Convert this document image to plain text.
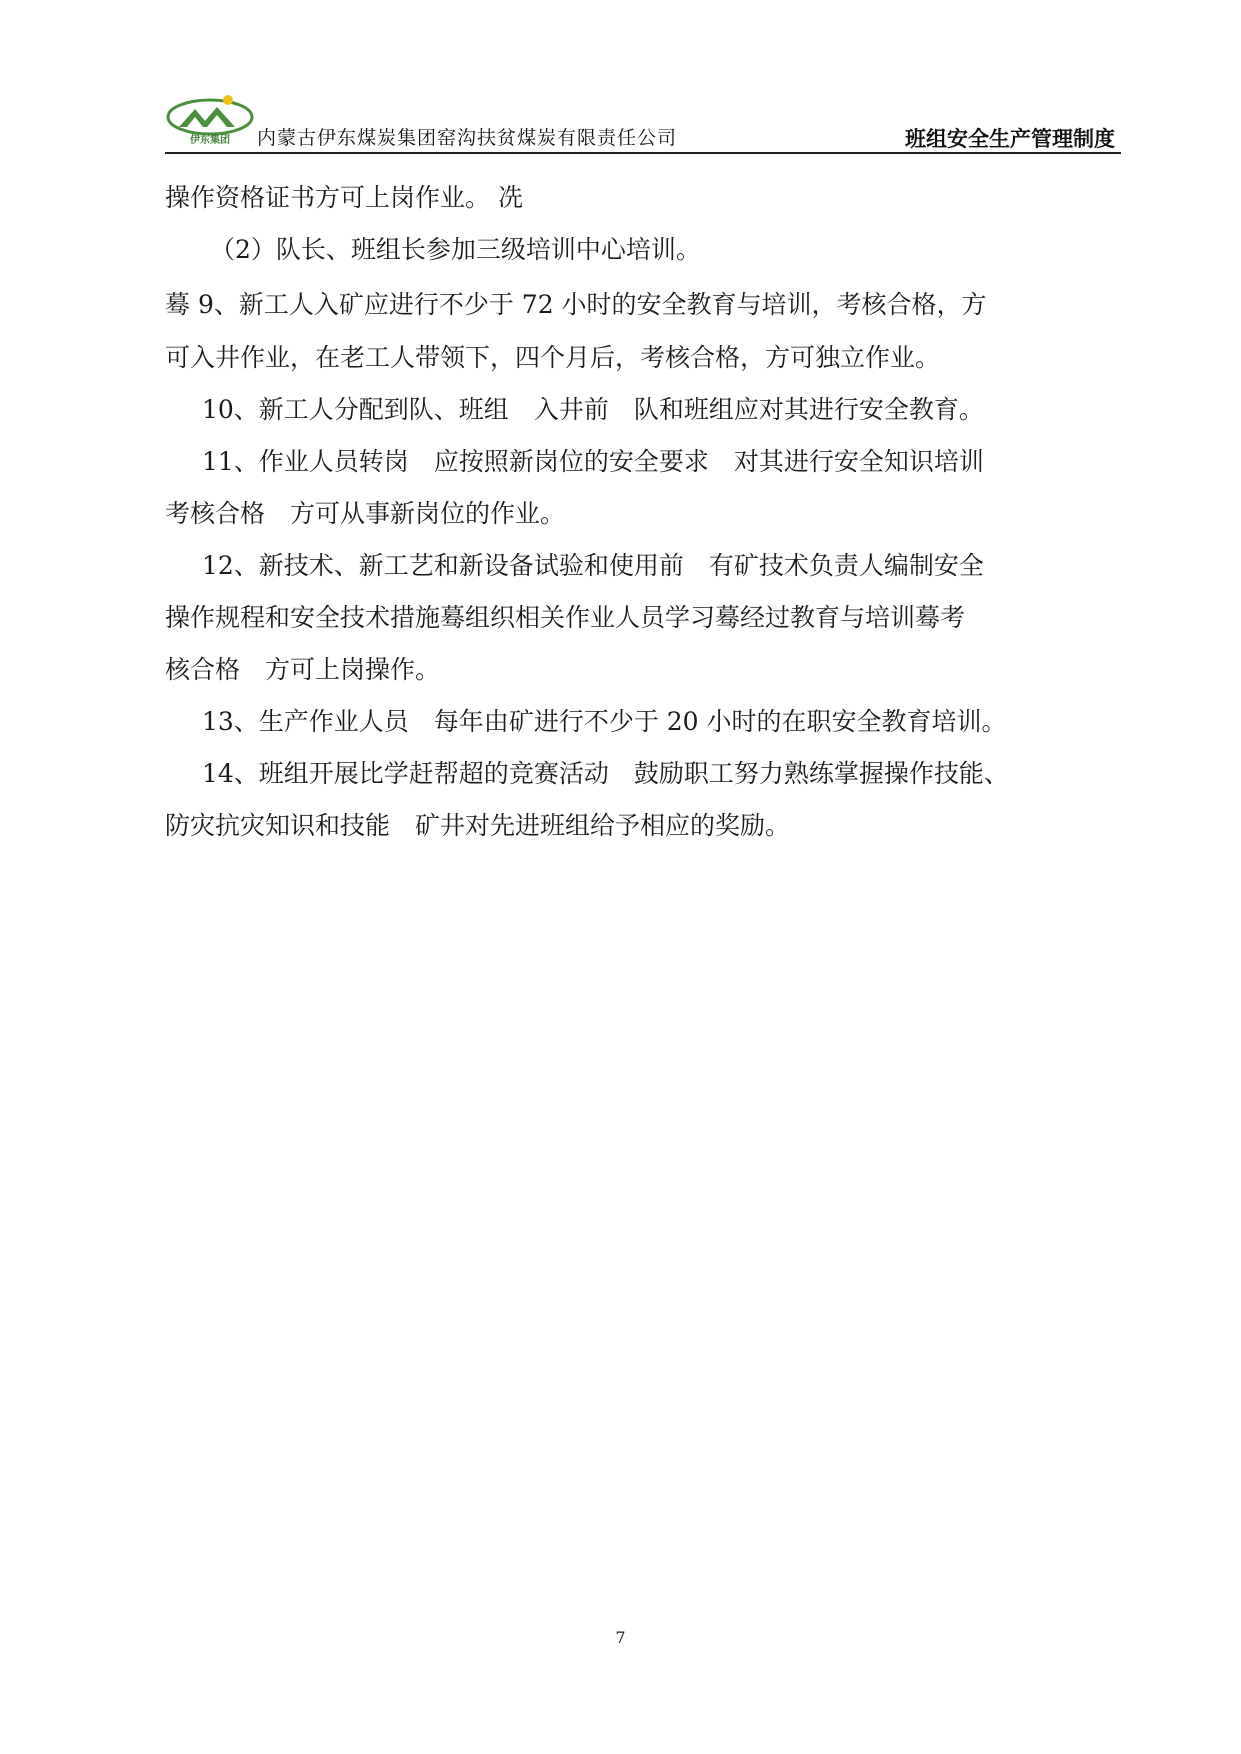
伊东集团 内蒙古伊东煤炭集团窑沟扶贫煤炭有限责任公司	班组安全生产管理制度
操作资格证书方可上岗作业。 冼
（2）队长、班组长参加三级培训中心培训。
蓦 9、新工人入矿应进行不少于 72 小时的安全教育与培训，考核合格，方
可入井作业，在老工人带领下，四个月后，考核合格，方可独立作业。
10、新工人分配到队、班组　入井前　队和班组应对其进行安全教育。
11、作业人员转岗　应按照新岗位的安全要求　对其进行安全知识培训
考核合格　方可从事新岗位的作业。
12、新技术、新工艺和新设备试验和使用前　有矿技术负责人编制安全
操作规程和安全技术措施蓦组织相关作业人员学习蓦经过教育与培训蓦考
核合格　方可上岗操作。
13、生产作业人员　每年由矿进行不少于 20 小时的在职安全教育培训。
14、班组开展比学赶帮超的竞赛活动　鼓励职工努力熟练掌握操作技能、
防灾抗灾知识和技能　矿井对先进班组给予相应的奖励。
7
